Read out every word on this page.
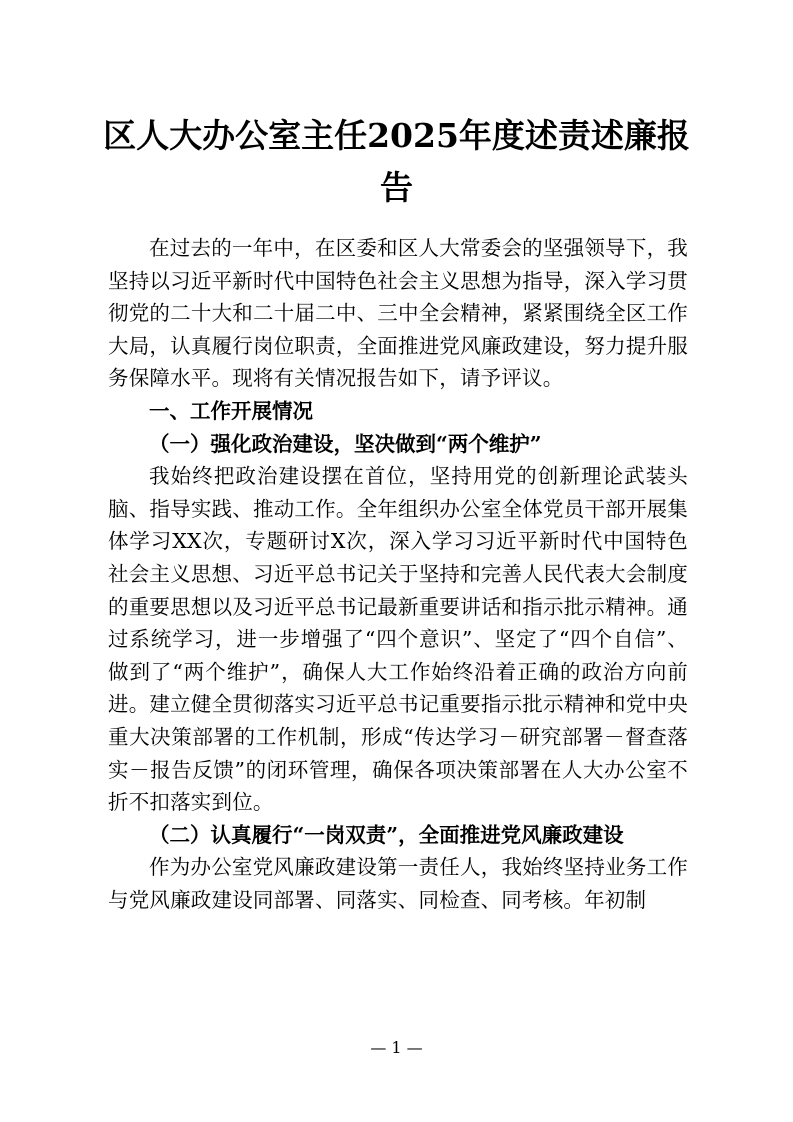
区人大办公室主任2025年度述责述廉报告

在过去的一年中，在区委和区人大常委会的坚强领导下，我坚持以习近平新时代中国特色社会主义思想为指导，深入学习贯彻党的二十大和二十届二中、三中全会精神，紧紧围绕全区工作大局，认真履行岗位职责，全面推进党风廉政建设，努力提升服务保障水平。现将有关情况报告如下，请予评议。

一、工作开展情况
（一）强化政治建设，坚决做到“两个维护”

我始终把政治建设摆在首位，坚持用党的创新理论武装头脑、指导实践、推动工作。全年组织办公室全体党员干部开展集体学习XX次，专题研讨X次，深入学习习近平新时代中国特色社会主义思想、习近平总书记关于坚持和完善人民代表大会制度的重要思想以及习近平总书记最新重要讲话和指示批示精神。通过系统学习，进一步增强了“四个意识”、坚定了“四个自信”、做到了“两个维护”，确保人大工作始终沿着正确的政治方向前进。建立健全贯彻落实习近平总书记重要指示批示精神和党中央重大决策部署的工作机制，形成“传达学习－研究部署－督查落实－报告反馈”的闭环管理，确保各项决策部署在人大办公室不折不扣落实到位。

（二）认真履行“一岗双责”，全面推进党风廉政建设

作为办公室党风廉政建设第一责任人，我始终坚持业务工作与党风廉政建设同部署、同落实、同检查、同考核。年初制

— 1 —
